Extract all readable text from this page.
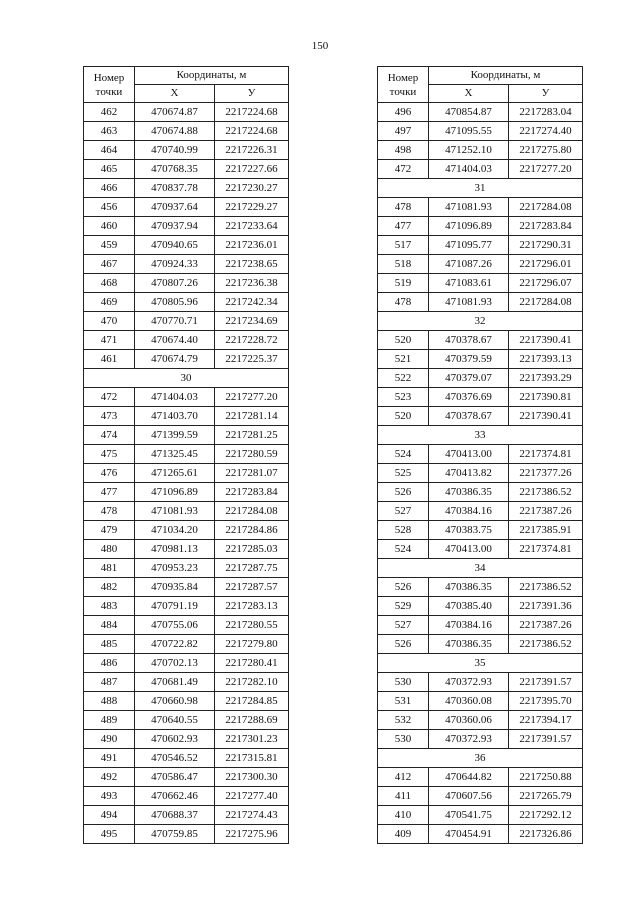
150
Номер
точки	Координаты, м	
	X	У
462	470674.87	2217224.68
463	470674.88	2217224.68
464	470740.99	2217226.31
465	470768.35	2217227.66
466	470837.78	2217230.27
456	470937.64	2217229.27
460	470937.94	2217233.64
459	470940.65	2217236.01
467	470924.33	2217238.65
468	470807.26	2217236.38
469	470805.96	2217242.34
470	470770.71	2217234.69
471	470674.40	2217228.72
461	470674.79	2217225.37
30		
472	471404.03	2217277.20
473	471403.70	2217281.14
474	471399.59	2217281.25
475	471325.45	2217280.59
476	471265.61	2217281.07
477	471096.89	2217283.84
478	471081.93	2217284.08
479	471034.20	2217284.86
480	470981.13	2217285.03
481	470953.23	2217287.75
482	470935.84	2217287.57
483	470791.19	2217283.13
484	470755.06	2217280.55
485	470722.82	2217279.80
486	470702.13	2217280.41
487	470681.49	2217282.10
488	470660.98	2217284.85
489	470640.55	2217288.69
490	470602.93	2217301.23
491	470546.52	2217315.81
492	470586.47	2217300.30
493	470662.46	2217277.40
494	470688.37	2217274.43
495	470759.85	2217275.96
Номер
точки	Координаты, м	
	X	У
496	470854.87	2217283.04
497	471095.55	2217274.40
498	471252.10	2217275.80
472	471404.03	2217277.20
31		
478	471081.93	2217284.08
477	471096.89	2217283.84
517	471095.77	2217290.31
518	471087.26	2217296.01
519	471083.61	2217296.07
478	471081.93	2217284.08
32		
520	470378.67	2217390.41
521	470379.59	2217393.13
522	470379.07	2217393.29
523	470376.69	2217390.81
520	470378.67	2217390.41
33		
524	470413.00	2217374.81
525	470413.82	2217377.26
526	470386.35	2217386.52
527	470384.16	2217387.26
528	470383.75	2217385.91
524	470413.00	2217374.81
34		
526	470386.35	2217386.52
529	470385.40	2217391.36
527	470384.16	2217387.26
526	470386.35	2217386.52
35		
530	470372.93	2217391.57
531	470360.08	2217395.70
532	470360.06	2217394.17
530	470372.93	2217391.57
36		
412	470644.82	2217250.88
411	470607.56	2217265.79
410	470541.75	2217292.12
409	470454.91	2217326.86
